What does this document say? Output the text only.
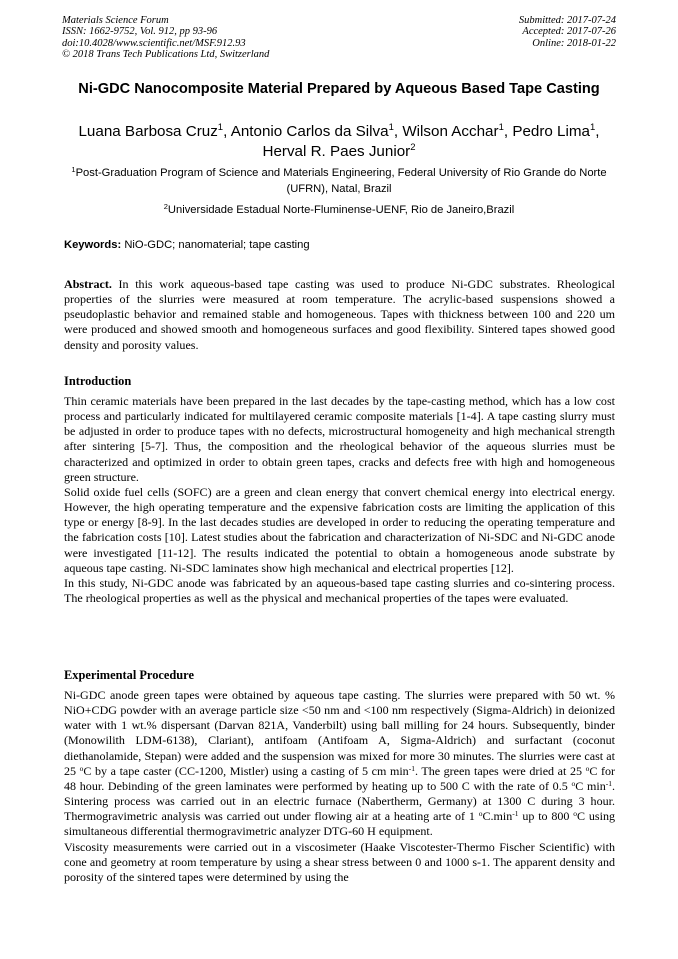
Materials Science Forum
ISSN: 1662-9752, Vol. 912, pp 93-96
doi:10.4028/www.scientific.net/MSF.912.93
© 2018 Trans Tech Publications Ltd, Switzerland
Submitted: 2017-07-24
Accepted: 2017-07-26
Online: 2018-01-22
Ni-GDC Nanocomposite Material Prepared by Aqueous Based Tape Casting
Luana Barbosa Cruz$^1$, Antonio Carlos da Silva$^1$, Wilson Acchar$^1$, Pedro Lima$^1$,
Herval R. Paes Junior$^2$
$^1$Post-Graduation Program of Science and Materials Engineering, Federal University of Rio Grande do Norte (UFRN), Natal, Brazil
$^2$Universidade Estadual Norte-Fluminense-UENF, Rio de Janeiro,Brazil
Keywords: NiO-GDC; nanomaterial; tape casting

Abstract. In this work aqueous-based tape casting was used to produce Ni-GDC substrates. Rheological properties of the slurries were measured at room temperature. The acrylic-based suspensions showed a pseudoplastic behavior and remained stable and homogeneous. Tapes with thickness between 100 and 220 um were produced and showed smooth and homogeneous surfaces and good flexibility. Sintered tapes showed good density and porosity values.

Introduction

Thin ceramic materials have been prepared in the last decades by the tape-casting method, which has a low cost process and particularly indicated for multilayered ceramic composite materials [1-4]. A tape casting slurry must be adjusted in order to produce tapes with no defects, microstructural homogeneity and high mechanical strength after sintering [5-7]. Thus, the composition and the rheological behavior of the aqueous slurries must be characterized and optimized in order to obtain green tapes, cracks and defects free with high and homogeneous green structure.

Solid oxide fuel cells (SOFC) are a green and clean energy that convert chemical energy into electrical energy. However, the high operating temperature and the expensive fabrication costs are limiting the application of this type or energy [8-9]. In the last decades studies are developed in order to reducing the operating temperature and the fabrication costs [10]. Latest studies about the fabrication and characterization of Ni-SDC and Ni-GDC anode were investigated [11-12]. The results indicated the potential to obtain a homogeneous anode substrate by aqueous tape casting. Ni-SDC laminates show high mechanical and electrical properties [12].

In this study, Ni-GDC anode was fabricated by an aqueous-based tape casting slurries and co-sintering process. The rheological properties as well as the physical and mechanical properties of the tapes were evaluated.

Experimental Procedure

Ni-GDC anode green tapes were obtained by aqueous tape casting. The slurries were prepared with 50 wt. % NiO+CDG powder with an average particle size <50 nm and <100 nm respectively (Sigma-Aldrich) in deionized water with 1 wt.% dispersant (Darvan 821A, Vanderbilt) using ball milling for 24 hours. Subsequently, binder (Monowilith LDM-6138), Clariant), antifoam (Antifoam A, Sigma-Aldrich) and surfactant (coconut diethanolamide, Stepan) were added and the suspension was mixed for more 30 minutes. The slurries were cast at 25 $^o$C by a tape caster (CC-1200, Mistler) using a casting of 5 cm $\min^{-1}$. The green tapes were dried at 25 $^o$C for 48 hour. Debinding of the green laminates were performed by heating up to 500 C with the rate of 0.5 $^o$C $\min^{-1}$. Sintering process was carried out in an electric furnace (Nabertherm, Germany) at 1300 C during 3 hour. Thermogravimetric analysis was carried out under flowing air at a heating arte of 1 $^oC.\min^{-1}$ up to 800 $^o$C using simultaneous differential thermogravimetric analyzer DTG-60 H equipment.

Viscosity measurements were carried out in a viscosimeter (Haake Viscotester-Thermo Fischer Scientific) with cone and geometry at room temperature by using a shear stress between 0 and 1000 s-1. The apparent density and porosity of the sintered tapes were determined by using the
